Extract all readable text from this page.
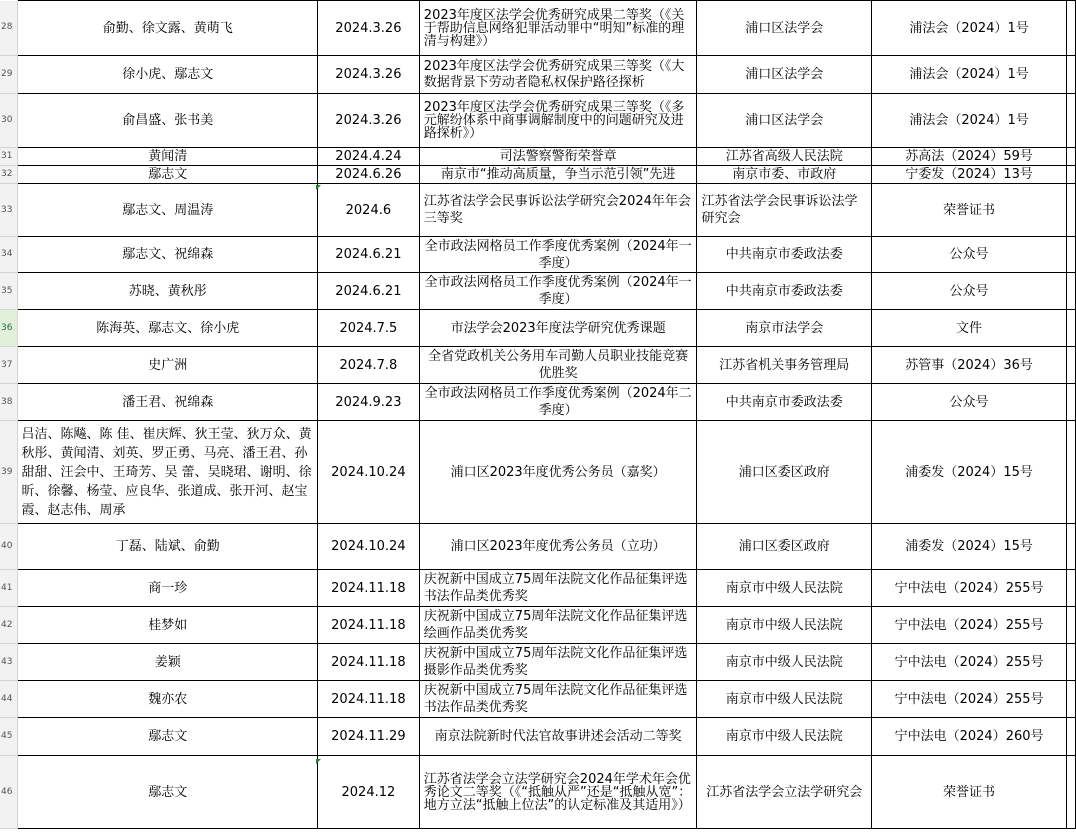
28	俞勤、徐文露、黄萌飞	2024.3.26	2023年度区法学会优秀研究成果二等奖（《关于帮助信息网络犯罪活动罪中“明知”标准的理清与构建》）	浦口区法学会	浦法会（2024）1号	
29	徐小虎、鄢志文	2024.3.26	2023年度区法学会优秀研究成果三等奖（《大数据背景下劳动者隐私权保护路径探析	浦口区法学会	浦法会（2024）1号	
30	俞昌盛、张书美	2024.3.26	2023年度区法学会优秀研究成果三等奖（《多元解纷体系中商事调解制度中的问题研究及进路探析》）	浦口区法学会	浦法会（2024）1号	
31	黄闻清	2024.4.24	司法警察警衔荣誉章	江苏省高级人民法院	苏高法（2024）59号	
32	鄢志文	2024.6.26	南京市“推动高质量，争当示范引领”先进	南京市委、市政府	宁委发（2024）13号	
33	鄢志文、周温涛	2024.6	江苏省法学会民事诉讼法学研究会2024年年会三等奖	江苏省法学会民事诉讼法学研究会	荣誉证书	
34	鄢志文、祝绵森	2024.6.21	全市政法网格员工作季度优秀案例（2024年一季度）	中共南京市委政法委	公众号	
35	苏晓、黄秋彤	2024.6.21	全市政法网格员工作季度优秀案例（2024年一季度）	中共南京市委政法委	公众号	
36	陈海英、鄢志文、徐小虎	2024.7.5	市法学会2023年度法学研究优秀课题	南京市法学会	文件	
37	史广洲	2024.7.8	全省党政机关公务用车司勤人员职业技能竞赛优胜奖	江苏省机关事务管理局	苏管事（2024）36号	
38	潘王君、祝绵森	2024.9.23	全市政法网格员工作季度优秀案例（2024年二季度）	中共南京市委政法委	公众号	
39	吕洁、陈飚、陈 佳、崔庆辉、狄王莹、狄万众、黄秋彤、黄闻清、刘英、罗正勇、马亮、潘王君、孙甜甜、汪会中、王琦芳、吴 蕾、吴晓珺、谢明、徐昕、徐馨、杨莹、应良华、张道成、张开河、赵宝霞、赵志伟、周承	2024.10.24	浦口区2023年度优秀公务员（嘉奖）	浦口区委区政府	浦委发（2024）15号	
40	丁磊、陆斌、俞勤	2024.10.24	浦口区2023年度优秀公务员（立功）	浦口区委区政府	浦委发（2024）15号	
41	商一珍	2024.11.18	庆祝新中国成立75周年法院文化作品征集评选书法作品类优秀奖	南京市中级人民法院	宁中法电（2024）255号	
42	桂梦如	2024.11.18	庆祝新中国成立75周年法院文化作品征集评选绘画作品类优秀奖	南京市中级人民法院	宁中法电（2024）255号	
43	姜颖	2024.11.18	庆祝新中国成立75周年法院文化作品征集评选摄影作品类优秀奖	南京市中级人民法院	宁中法电（2024）255号	
44	魏亦农	2024.11.18	庆祝新中国成立75周年法院文化作品征集评选书法作品类优秀奖	南京市中级人民法院	宁中法电（2024）255号	
45	鄢志文	2024.11.29	南京法院新时代法官故事讲述会活动二等奖	南京市中级人民法院	宁中法电（2024）260号	
46	鄢志文	2024.12	江苏省法学会立法学研究会2024年学术年会优秀论文二等奖（《“抵触从严”还是“抵触从宽”：地方立法“抵触上位法”的认定标准及其适用》）	江苏省法学会立法学研究会	荣誉证书	
